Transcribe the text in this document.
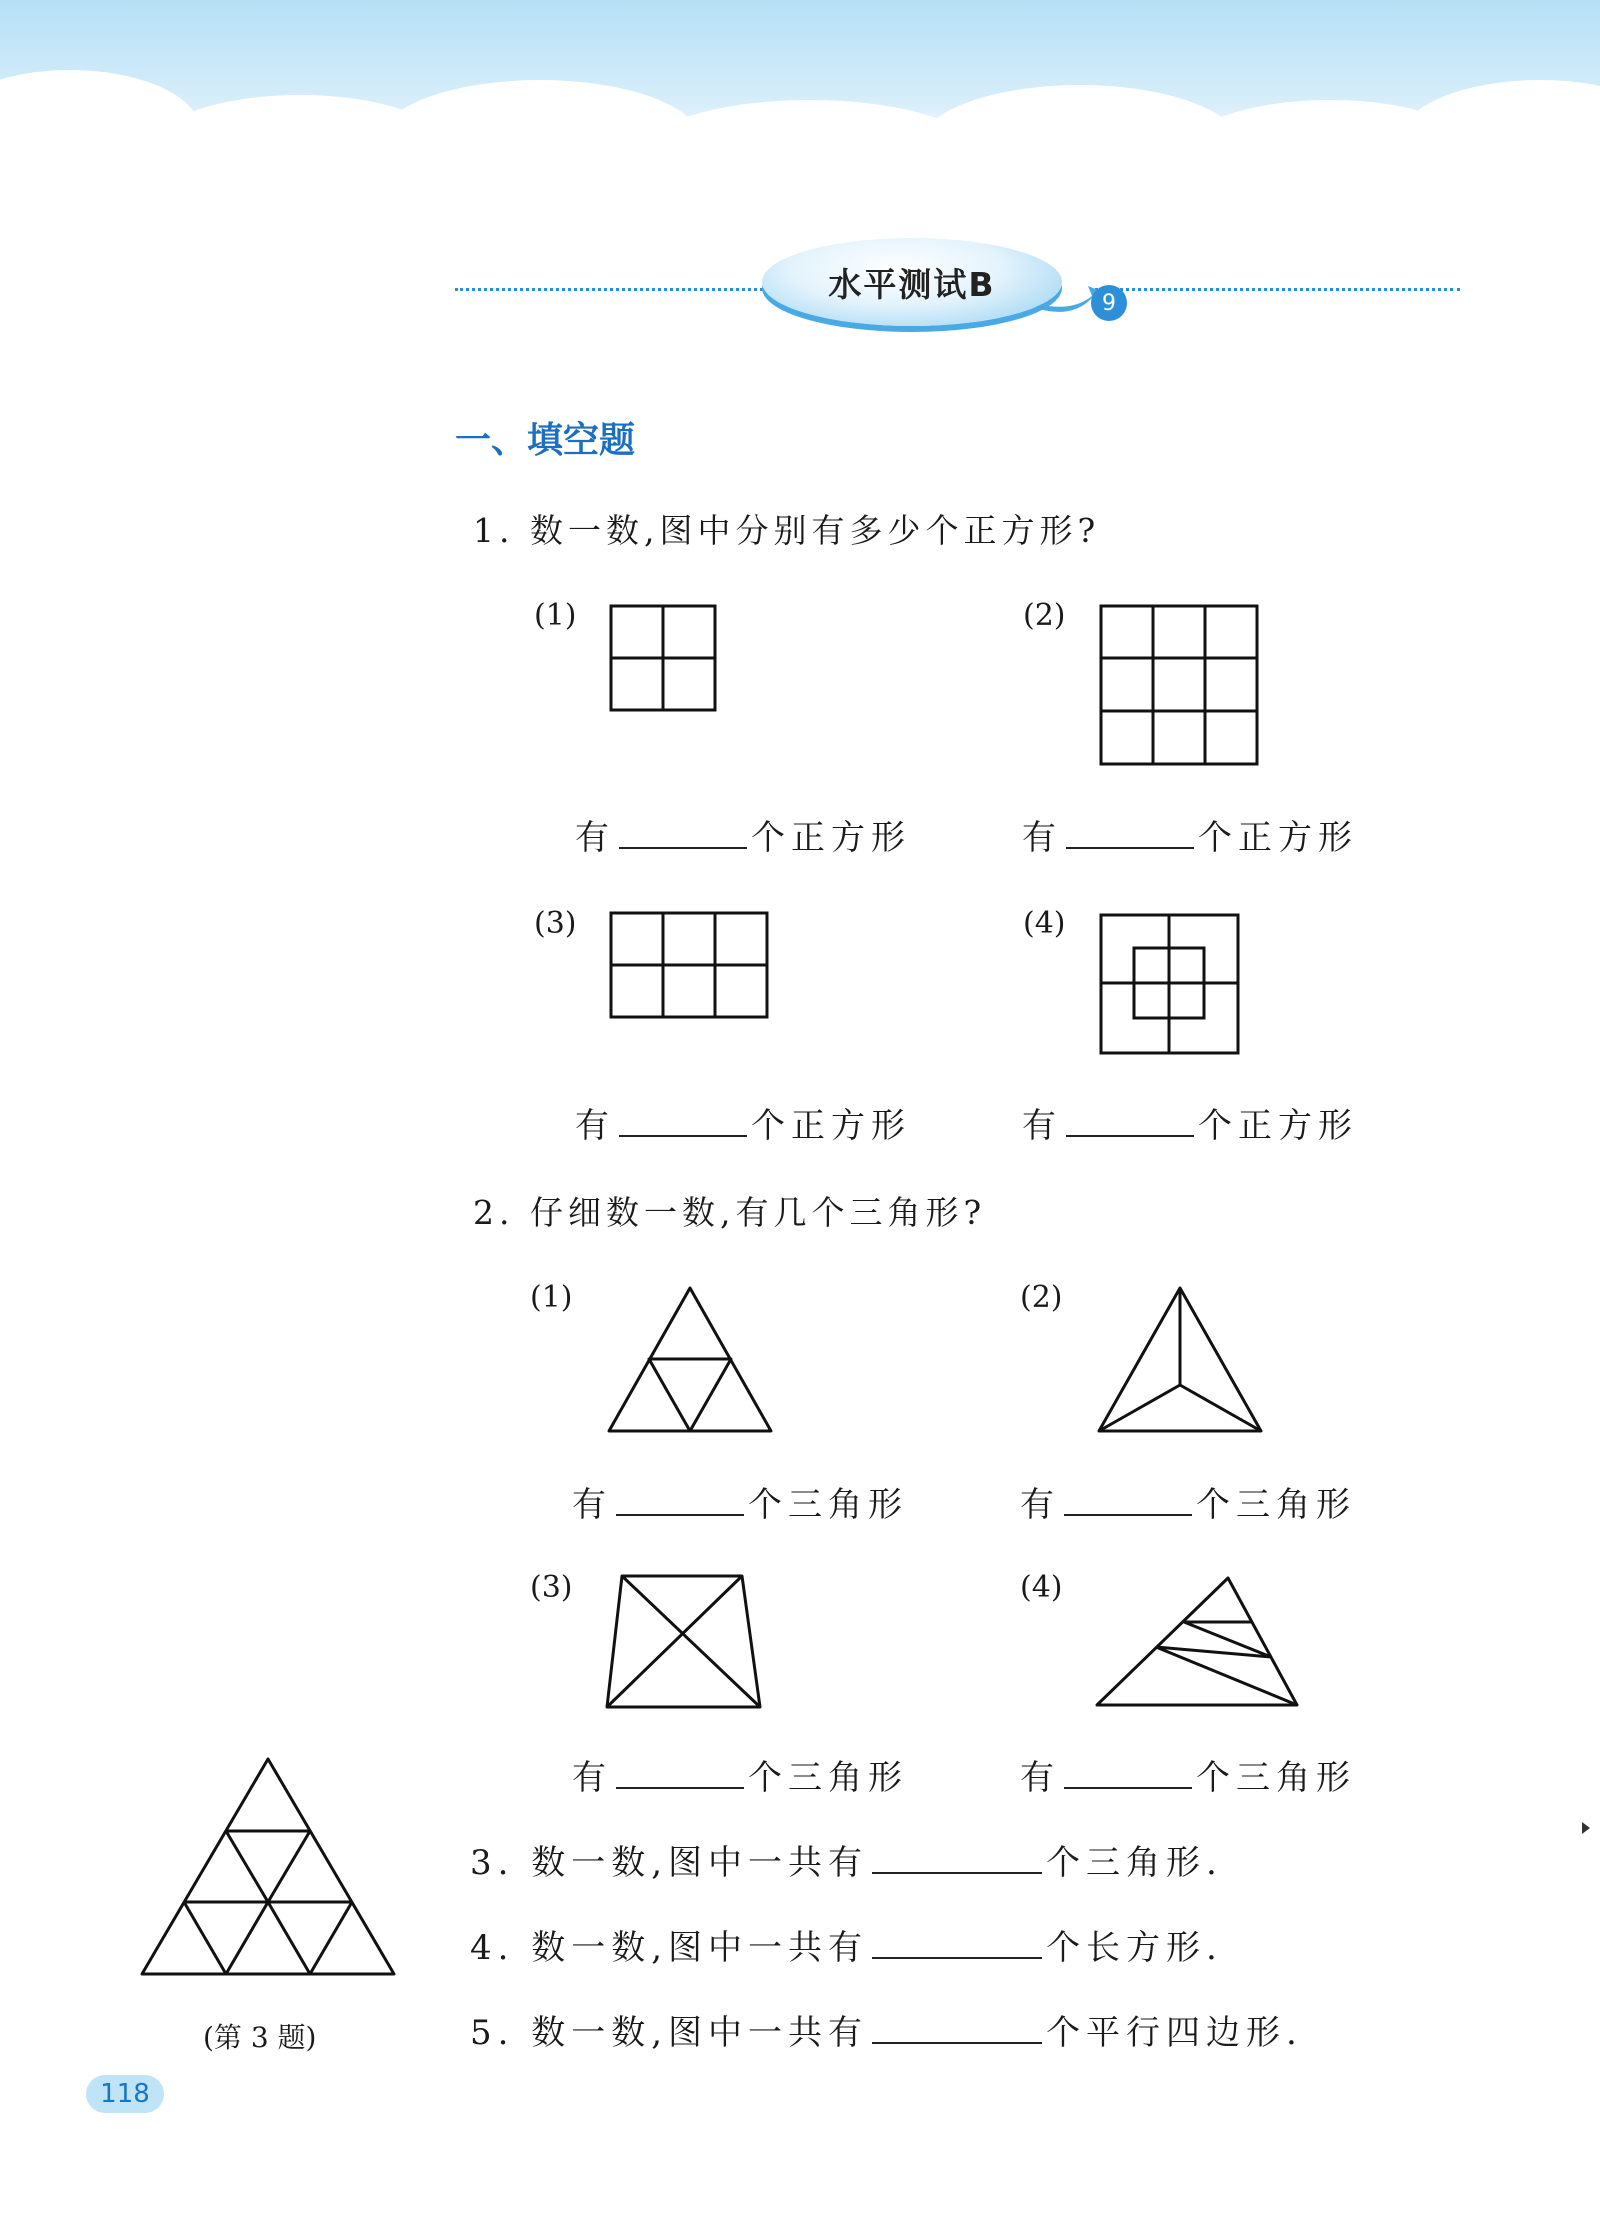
水平测试B	9
一、填空题
1. 数一数,图中分别有多少个正方形?
(1)
有	个正方形
(2)
有	个正方形
(3)
有	个正方形
(4)
有	个正方形
2. 仔细数一数,有几个三角形?
(1)
有	个三角形
(2)
有	个三角形
(3)
有	个三角形
(4)
有	个三角形
(第 3 题)
3. 数一数,图中一共有	个三角形.
4. 数一数,图中一共有	个长方形.
5. 数一数,图中一共有	个平行四边形.
118
